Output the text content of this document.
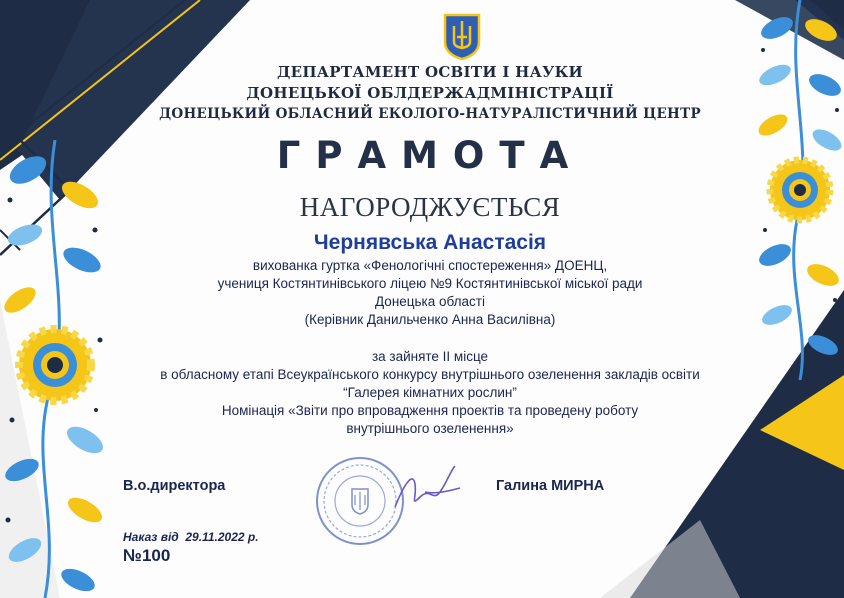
ДЕПАРТАМЕНТ ОСВІТИ І НАУКИ
ДОНЕЦЬКОЇ ОБЛДЕРЖАДМІНІСТРАЦІЇ
ДОНЕЦЬКИЙ ОБЛАСНИЙ ЕКОЛОГО-НАТУРАЛІСТИЧНИЙ ЦЕНТР
ГРАМОТА
НАГОРОДЖУЄТЬСЯ
Чернявська Анастасія
вихованка гуртка «Фенологічні спостереження» ДОЕНЦ,
учениця Костянтинівського ліцею №9 Костянтинівської міської ради
Донецька області
(Керівник Данильченко Анна Василівна)
за зайняте ІІ місце
в обласному етапі Всеукраїнського конкурсу внутрішнього озеленення закладів освіти
“Галерея кімнатних рослин”
Номінація «Звіти про впровадження проектів та проведену роботу
внутрішнього озеленення»
В.о.директора	Галина МИРНА
Наказ від 29.11.2022 р.
№100
